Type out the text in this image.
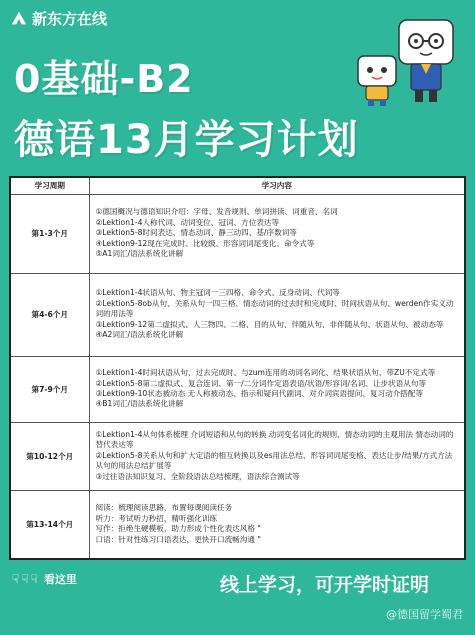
新东方在线
0基础-B2
德语13月学习计划
学习周期	学习内容
第1-3个月	①德国概况与德语知识介绍：字母、发音规则、单词拼读、词重音、名词
②Lektion1-4人称代词、动词变位、冠词、方位表达等
③Lektion5-8时间表达、情态动词、静三动四、基/序数词等
④Lektion9-12现在完成时、比较级、形容词词尾变化、命令式等
⑤A1词汇/语法系统化讲解

第4-6个月	①Lektion1-4状语从句、物主冠词一三四格、命令式、反身动词、代词等
②Lektion5-8ob从句、关系从句一四三格、情态动词的过去时和完成时、时间状语从句、werden作实义动词的用法等
③Lektion9-12第二虚拟式、人三物四、二格、目的从句、伴随从句、非伴随从句、状语从句、被动态等
④A2词汇/语法系统化讲解

第7-9个月	①Lektion1-4时间状语从句、过去完成时、与zum连用的动词名词化、结果状语从句、带ZU不定式等
②Lektion5-8第二虚拟式、复合连词、第一/二分词作定语表语/状语/形容词/名词、让步状语从句等
③Lektion9-10状态被动态 无人称被动态、指示和疑问代副词、对介词宾语提问、复习动介搭配等
④B1词汇/语法系统化讲解

第10-12个月	①Lektion1-4从句体系梳理 介词短语和从句的转换 动词变名词化的规则、情态动词的主观用法 情态动词的替代表达等
②Lektion5-8关系从句和扩大定语的相互转换以及es用法总结、形容词词尾变格、表达让步/结果/方式方法从句的用法总结扩展等
③过往语法知识复习、全阶段语法总结梳理，语法综合测试等

第13-14个月	阅读：梳理阅读思路，布置每课阅读任务
听力：考试听力秒招，精听强化训练
写作：拒绝生硬模板，助力形成个性化表达风格 "
口语：针对性练习口语表达，更快开口流畅沟通 "
☟ ☟ ☟ 看这里	线上学习，可开学时证明
@德国留学蜀君
